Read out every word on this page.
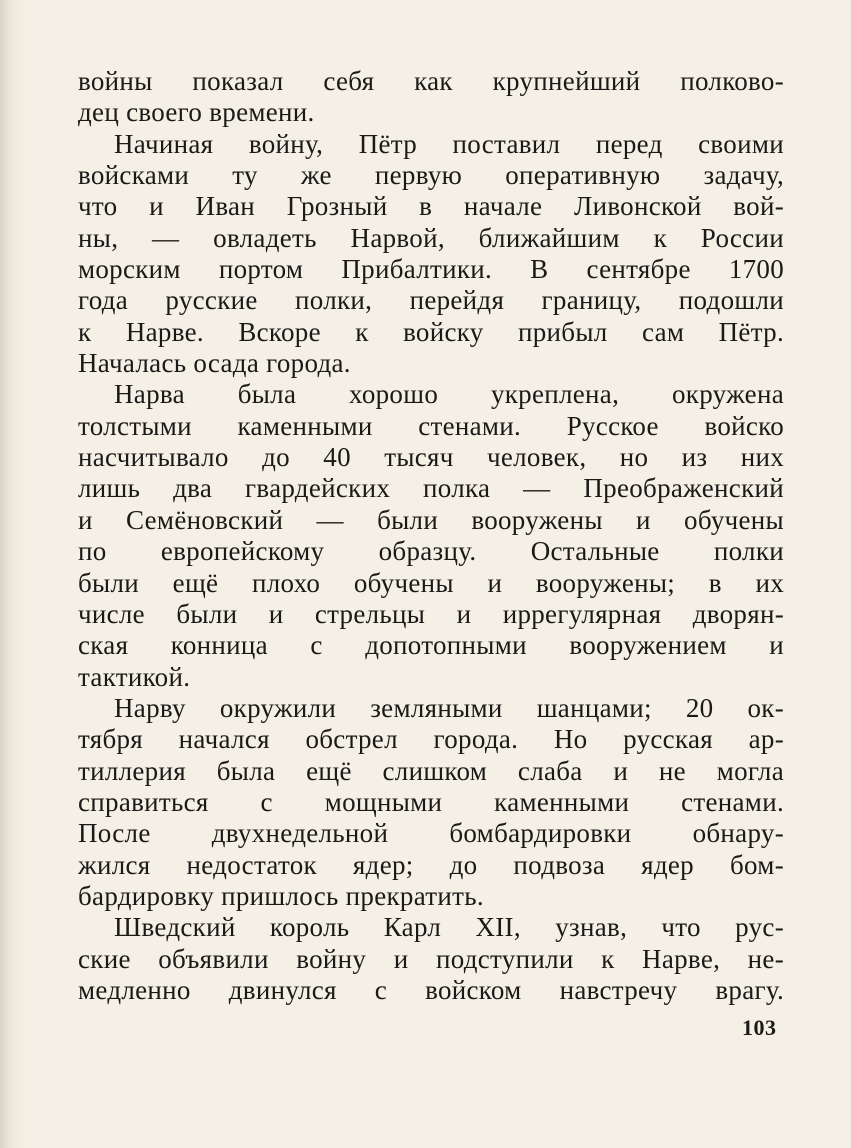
войны показал себя как крупнейший полково-
дец своего времени.
Начиная войну, Пётр поставил перед своими
войсками ту же первую оперативную задачу,
что и Иван Грозный в начале Ливонской вой-
ны, — овладеть Нарвой, ближайшим к России
морским портом Прибалтики. В сентябре 1700
года русские полки, перейдя границу, подошли
к Нарве. Вскоре к войску прибыл сам Пётр.
Началась осада города.
Нарва была хорошо укреплена, окружена
толстыми каменными стенами. Русское войско
насчитывало до 40 тысяч человек, но из них
лишь два гвардейских полка — Преображенский
и Семёновский — были вооружены и обучены
по европейскому образцу. Остальные полки
были ещё плохо обучены и вооружены; в их
числе были и стрельцы и иррегулярная дворян-
ская конница с допотопными вооружением и
тактикой.
Нарву окружили земляными шанцами; 20 ок-
тября начался обстрел города. Но русская ар-
тиллерия была ещё слишком слаба и не могла
справиться с мощными каменными стенами.
После двухнедельной бомбардировки обнару-
жился недостаток ядер; до подвоза ядер бом-
бардировку пришлось прекратить.
Шведский король Карл XII, узнав, что рус-
ские объявили войну и подступили к Нарве, не-
медленно двинулся с войском навстречу врагу.
103
